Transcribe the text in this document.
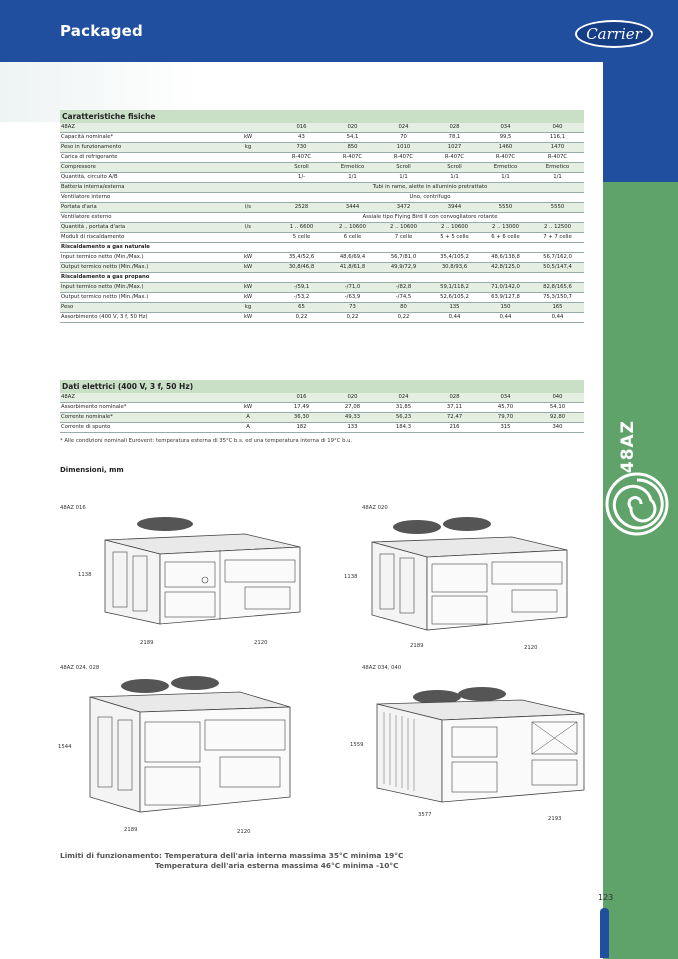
Packaged	Carrier
48AZ
Caratteristiche fisiche
48AZ		016	020	024	028	034	040
Capacità nominale*	kW	43	54,1	70	78,1	99,5	116,1
Peso in funzionamento	kg	730	850	1010	1027	1460	1470
Carica di refrigerante		R-407C	R-407C	R-407C	R-407C	R-407C	R-407C
Compressore		Scroll	Ermetico	Scroll	Scroll	Ermetico	Ermetico
Quantità, circuito A/B		1/-	1/1	1/1	1/1	1/1	1/1
Batteria interna/esterna		Tubi in rame, alette in alluminio pretrattato					
Ventilatore interno		Uno, centrifugo					
Portata d'aria	l/s	2528	3444	3472	3944	5550	5550
Ventilatore esterno		Assiale tipo Flying Bird II con convogliatore rotante					
Quantità , portata d'aria	l/s	1 .. 6600	2 .. 10600	2 .. 10600	2 .. 10600	2 .. 13000	2 .. 12500
Moduli di riscaldamento		5 celle	6 celle	7 celle	5 + 5 celle	6 + 6 celle	7 + 7 celle
Riscaldamento a gas naturale							
Input termico netto (Min./Max.)	kW	35,4/52,6	48,6/69,4	56,7/81,0	35,4/105,2	48,6/138,8	56,7/162,0
Output termico netto (Min./Max.)	kW	30,8/46,8	41,8/61,8	49,9/72,9	30,8/93,6	42,8/125,0	50,5/147,4
Riscaldamento a gas propano							
Input termico netto (Min./Max.)	kW	-/59,1	-/71,0	-/82,8	59,1/118,2	71,0/142,0	82,8/165,6
Output termico netto (Min./Max.)	kW	-/53,2	-/63,9	-/74,5	52,6/105,2	63,9/127,8	75,3/150,7
Peso	kg	65	73	80	135	150	165
Assorbimento (400 V, 3 f, 50 Hz)	kW	0,22	0,22	0,22	0,44	0,44	0,44
Dati elettrici (400 V, 3 f, 50 Hz)
48AZ		016	020	024	028	034	040
Assorbimento nominale*	kW	17,49	27,08	31,85	37,11	45,70	54,10
Corrente nominale*	A	36,30	49,33	56,23	72,47	79,70	92,80
Corrente di spunto	A	182	133	184,3	216	315	340
* Alle condizioni nominali Eurovent: temperatura esterna di 35°C b.s. ed una temperatura interna di 19°C b.u.
Dimensioni, mm
48AZ 016	48AZ 020
48AZ 024, 028	48AZ 034, 040
1138
2189	2120
1138
2189	2120
1544
2189	2120
1559
3577
2193
Limiti di funzionamento: Temperatura dell'aria interna massima 35°C minima 19°C
Temperatura dell'aria esterna massima 46°C minima -10°C
123
